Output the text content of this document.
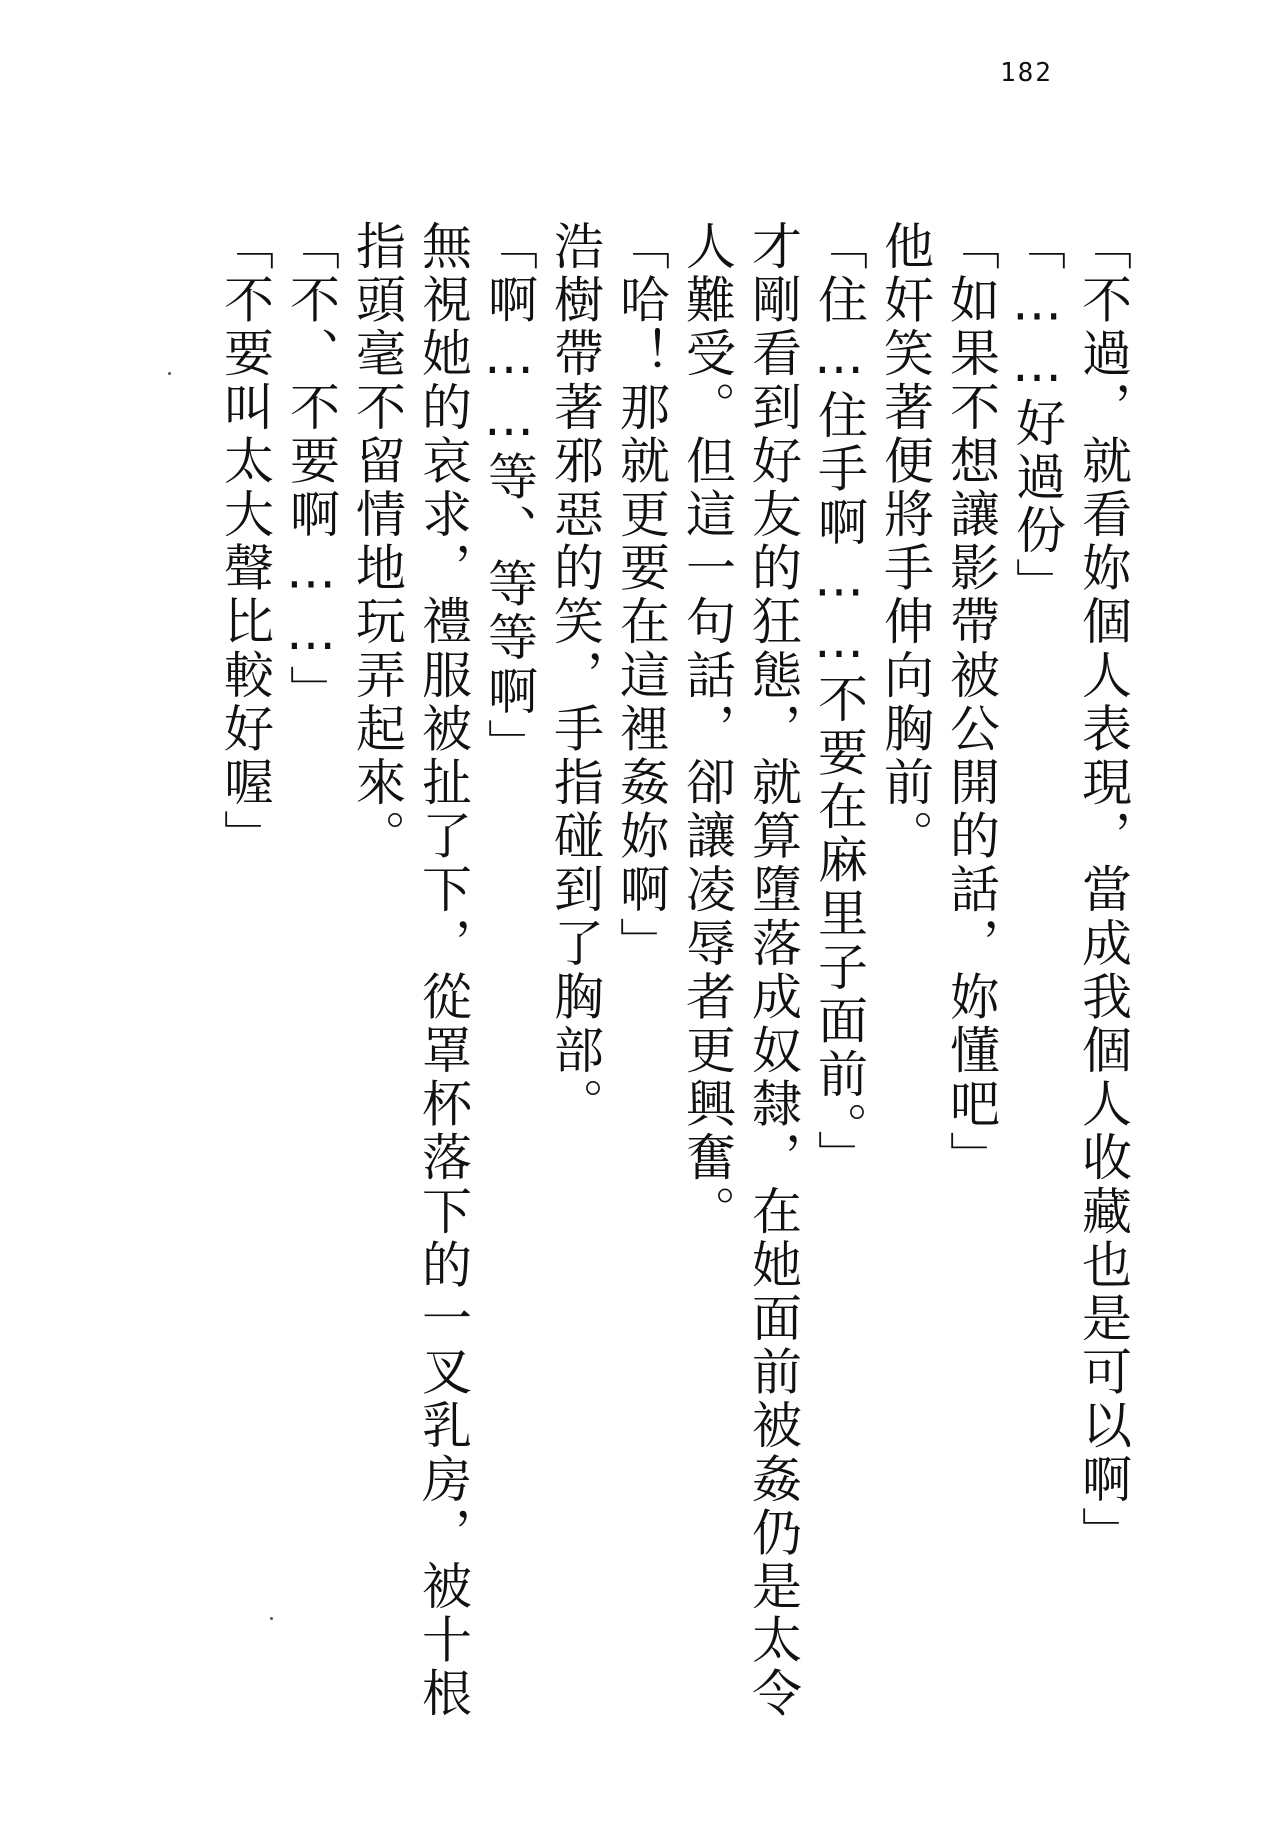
182
「不過，就看妳個人表現，當成我個人收藏也是可以啊」
「……好過份」
「如果不想讓影帶被公開的話，妳懂吧」
他奸笑著便將手伸向胸前。
「住…住手啊……不要在麻里子面前。」
才剛看到好友的狂態，就算墮落成奴隸，在她面前被姦仍是太令
人難受。但這一句話，卻讓凌辱者更興奮。
「哈！那就更要在這裡姦妳啊」
浩樹帶著邪惡的笑，手指碰到了胸部。
「啊……等、等等啊」
無視她的哀求，禮服被扯了下，從罩杯落下的一叉乳房，被十根
指頭毫不留情地玩弄起來。
「不、不要啊……」
「不要叫太大聲比較好喔」
